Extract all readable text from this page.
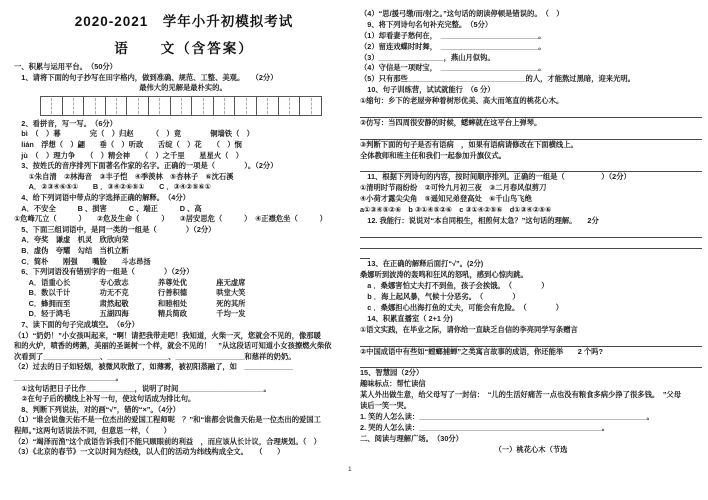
2020-2021　学年小升初模拟考试
语　　文（含答案）
一、积累与运用平台。　（50分）
　1、请将下面的句子抄写在田字格内，做到准确、规范、工整、美观。　　（2分）
最伟大的见解是最朴实的。
　2、看拼音，写一写。　（6分）
　bì　（　）幕　　　　完（　）归赵　　　（　）竟　　　　铜墙铁（　）
　lián　浮想（　）翩　　垂（　）听政　　舌绽（　）花　　（　）悯
　jù　（　）理力争　　（　）精会神　　（　）之千里　　星星火（　）
　3、按姓氏的音序排列下面著名作家的名字。正确的一项是（　　　　）。（2分）
　　①朱自清　②林海音　③丰子恺　④季羡林　⑤杏林子　⑥沈石溪
　　A．②③④⑥⑤①　　B ．③④②⑥⑤①　　C ．③④②⑤⑥①
　4、给下列词语中带点的字选择正确的解释。　（4分）
　A．不安全　　　B 、损害　　　C 、端正　　　D 、高
①危峰兀立（　　　）　　②危及生命（　　　）　　③居安思危（　　　）　④正襟危坐（　　　）
　5、下面三组词语中，是同一类的一组是（　　　　）（2分）
　A．夸奖　谦虚　机灵　欣欣向荣
　B．虚伪　夸耀　勾结　当机立断
　C．简朴　　刚强　　嘴脸　　斗志昂扬
　6、下列词语没有错别字的一组是（　　　　）（2分）
　　A．语重心长　　　　专心致志　　　　养尊处优　　　　座无虚席
　　B．数以千计　　　　功无不克　　　　行善积德　　　　哄堂大笑
　　C．蜂拥而至　　　　肃然起敬　　　　和睦相处　　　　死的其所
　　D．轻于鸿毛　　　　五湖四海　　　　精兵简政　　　　千均一发
　7、读下面的句子完成填空。　（6分）
（1）“奶奶！”小女孩叫起来，“啊！请把我带走吧！我知道，火柴一灭，您就会不见的，像那暖
和的火炉，喷香的烤鹅，美丽的圣诞树一个样，就会不见的！　”从这段话可知道小女孩擦燃火柴依
次看到了______________、_______________、_________________和慈祥的奶奶。
（2）过去的日子如轻烟，被微风吹散了，如薄雾，被初阳蒸融了，如　____________
_________________________。
　①这句话把日子比作____________，说明了时间_____________________。
　②在句子后的横线上补写一句，使这句话成为排比句。
　8、判断下列说法，对的画“√”，错的“×”。（4分）
（1）“谁会说詹天佑不是一位杰出的爱国工程师呢　？”和“谁都会说詹天佑是一位杰出的爱国工
程师。”这两句话说法不同，但意思一样，（　　）
（2）“竭泽而渔”这个成语告诉我们不能只顾眼前的利益　，而应该从长计议，合理规划。（　）
（3）《北京的春节》一文以时间为经线，以人们的活动为纬线构成全文。　　（　　）
（4）“思/援弓缴/而/射之。”这句话的朗读停顿是错误的。　（　）
　9、将下列诗句名句补充完整。　（5分）
（1）却看妻子愁何在，　________________________。
（2）留连戏蝶时时舞，　________________________。
（3）________________，燕山月似钩。
（4）守信是一项财宝，　________________________。
（5）只有那些_____________________________的人，才能熬过黑暗，迎来光明。
　10、句子训练营，试试就能行　（6 分）
①缩句：乡下的老屋旁种着树形优美、高大而笔直的桃花心木。
②仿写：当四周很安静的时候，蟋蟀就在这平台上弹琴。
③判断下面的句子是否有语病　，如果有语病请修改在下面横线上。
全体教师和班主任和我们一起参加升旗仪式。
　11、根据下列诗句的内容，按时间顺序排列。正确的一组是（　　　　　）（2分）
①清明时节雨纷纷　②可怜九月初三夜　③二月春风似剪刀
④小荷才露尖尖角　⑤遥知兄弟登高处　⑥千山鸟飞绝
a①③④⑤②⑥　b ③①④⑤②⑥　c ③①④②⑤⑥　d①③④②⑤⑥
　12. 我能行：说说对“本自同根生，相煎何太急？”这句话的理解。　　2分
　13、在正确的解释后面打“√”。(2分)
桑娜听到波涛的轰鸣和狂风的怒吼，感到心惊肉跳。
　a ．桑娜害怕丈夫打不到鱼，孩子会挨饿。　（　　　　）
　b ．海上起风暴，气候十分恶劣。　（　　　　）
　c ．桑娜担心出海打鱼的丈夫，可能会有危险。　（　　　　）
　14、积累直播室（ 2+1 分)
①语文实践，在毕业之际，请你给一直缺乏自信的李亮同学写条赠言
②中国成语中有些如“螳螂捕蝉”之类寓言故事的成语，你还能举　　2 个吗?
15、智慧园（2分）
趣味标点：帮忙读信
某人外出做生意，给父母写了一封信：　“儿的生活好痛苦一点也没有粮食多病少挣了很多钱。　”父母
读后一笑一哭。
1. 笑的人怎么读：________________________________________________________。
2. 哭的人怎么读：_____________________________________________。
二、阅读与理解广场。　（30分）
（一）桃花心木（节选
1
